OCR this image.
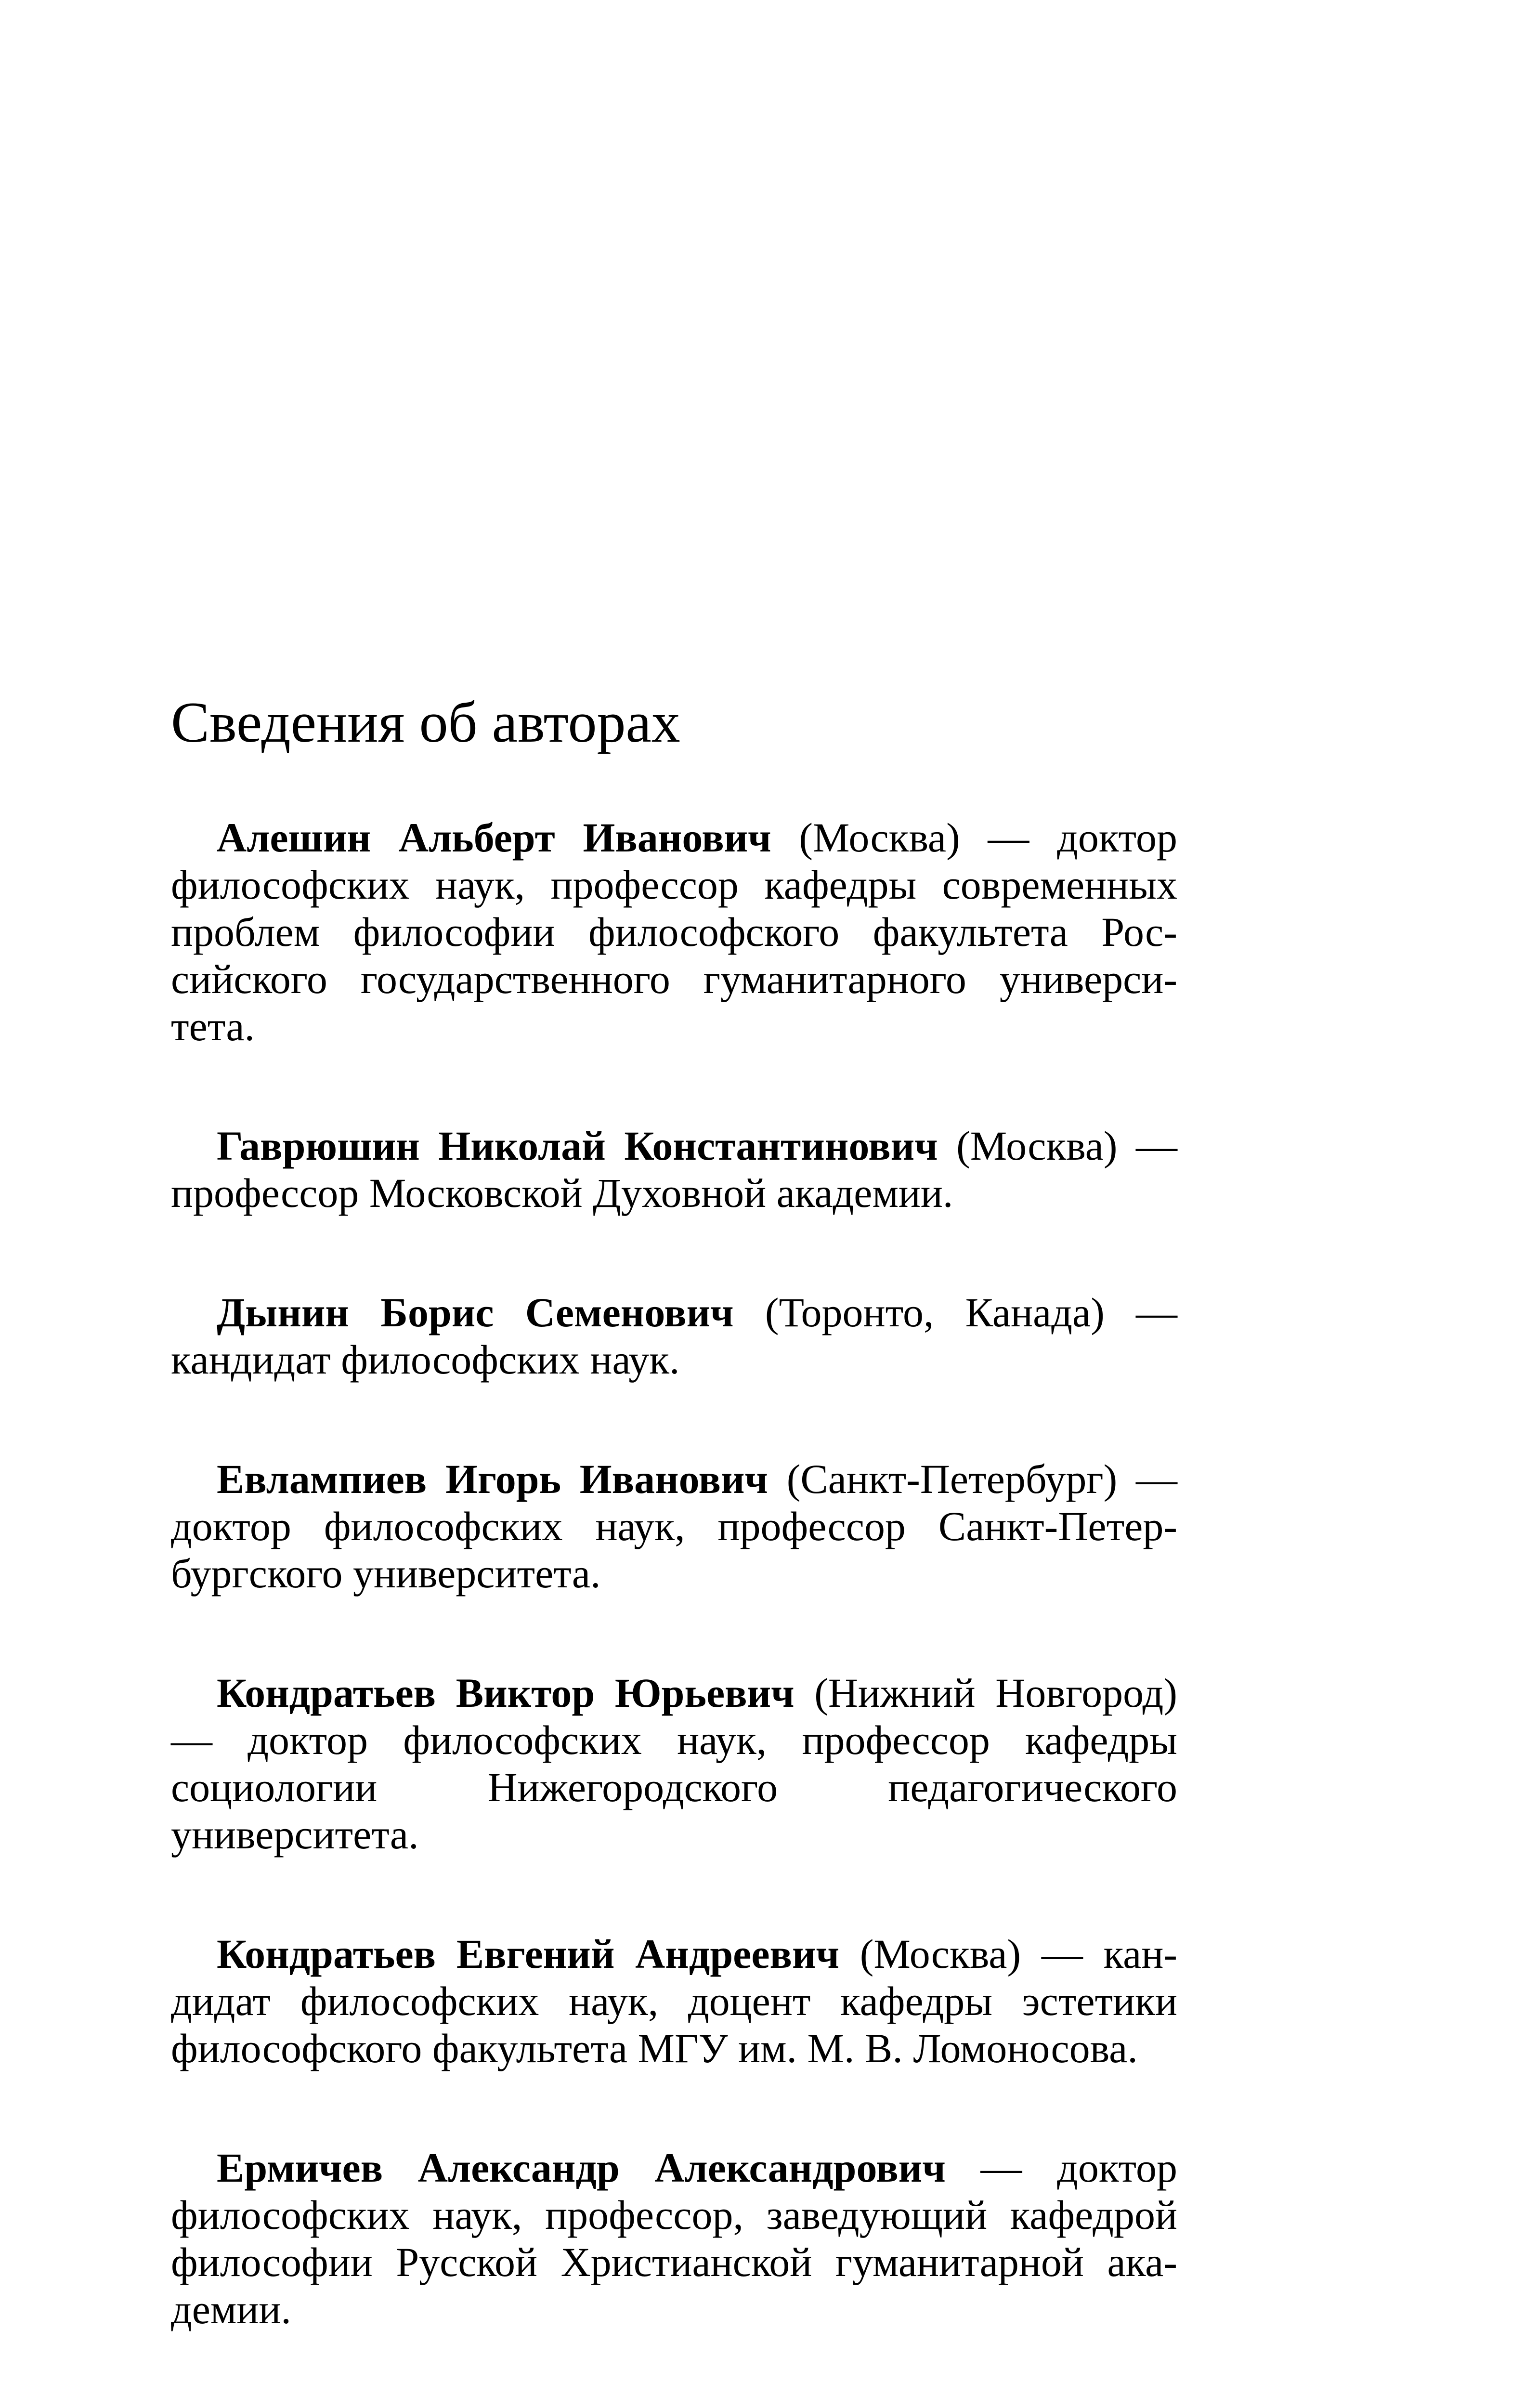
Сведения об авторах

Алешин Альберт Иванович (Москва) — доктор философских наук, профессор кафедры современных проблем философии философского факультета Российского государственного гуманитарного университета.

Гаврюшин Николай Константинович (Москва) — профессор Московской Духовной академии.

Дынин Борис Семенович (Торонто, Канада) — кандидат философских наук.

Евлампиев Игорь Иванович (Санкт-Петербург) — доктор философских наук, профессор Санкт-Петербургского университета.

Кондратьев Виктор Юрьевич (Нижний Новгород) — доктор философских наук, профессор кафедры социологии Нижегородского педагогического университета.

Кондратьев Евгений Андреевич (Москва) — кандидат философских наук, доцент кафедры эстетики философского факультета МГУ им. М. В. Ломоносова.

Ермичев Александр Александрович — доктор философских наук, профессор, заведующий кафедрой философии Русской Христианской гуманитарной академии.
